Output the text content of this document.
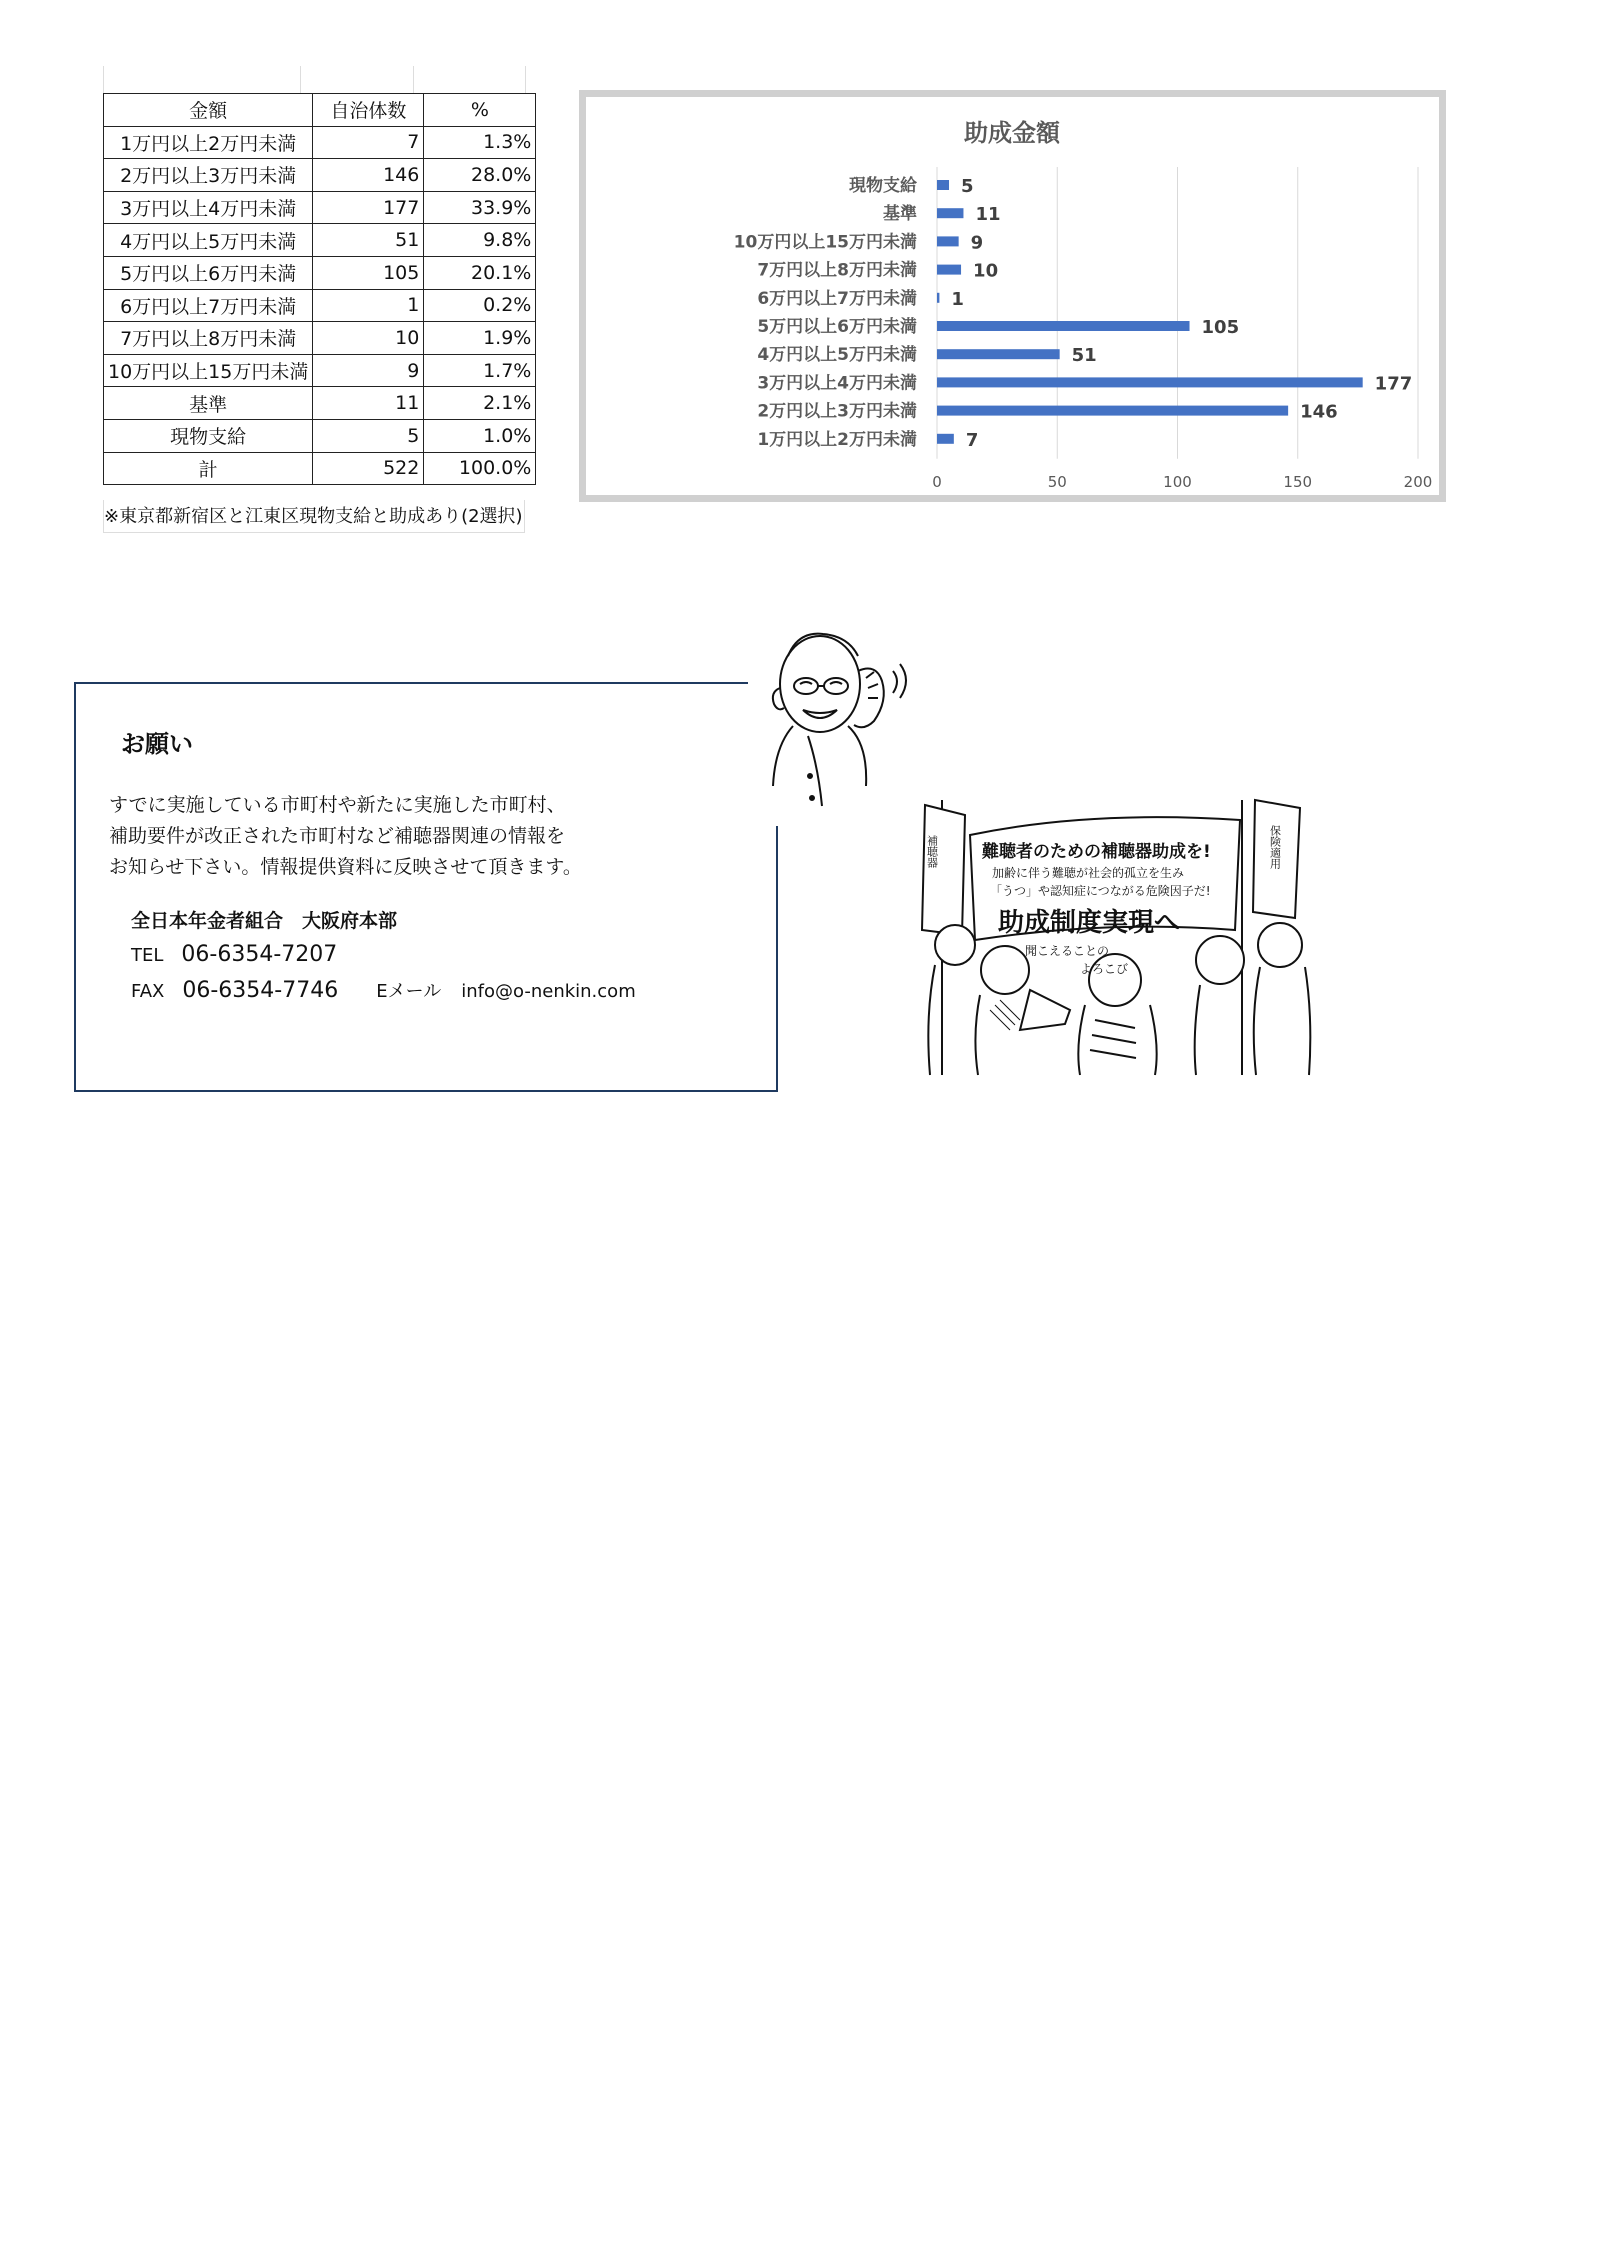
金額	自治体数	%
1万円以上2万円未満	7	1.3%
2万円以上3万円未満	146	28.0%
3万円以上4万円未満	177	33.9%
4万円以上5万円未満	51	9.8%
5万円以上6万円未満	105	20.1%
6万円以上7万円未満	1	0.2%
7万円以上8万円未満	10	1.9%
10万円以上15万円未満	9	1.7%
基準	11	2.1%
現物支給	5	1.0%
計	522	100.0%
※東京都新宿区と江東区現物支給と助成あり(2選択)
助成金額
0	50	100	150	200
現物支給 5
基準	11
10万円以上15万円未満	9
7万円以上8万円未満	10
6万円以上7万円未満 1
5万円以上6万円未満	105
4万円以上5万円未満	51
3万円以上4万円未満	177
2万円以上3万円未満	146
1万円以上2万円未満	7
お願い
すでに実施している市町村や新たに実施した市町村、
補助要件が改正された市町村など補聴器関連の情報を
お知らせ下さい。情報提供資料に反映させて頂きます。
全日本年金者組合　大阪府本部
TEL 06-6354-7207
FAX 06-6354-7746 Eメール info@o-nenkin.com
難聴者のための補聴器助成を!
加齢に伴う難聴が社会的孤立を生み
「うつ」や認知症につながる危険因子だ!
助成制度実現へ
聞こえることの
よろこび
補聴器	保険適用
